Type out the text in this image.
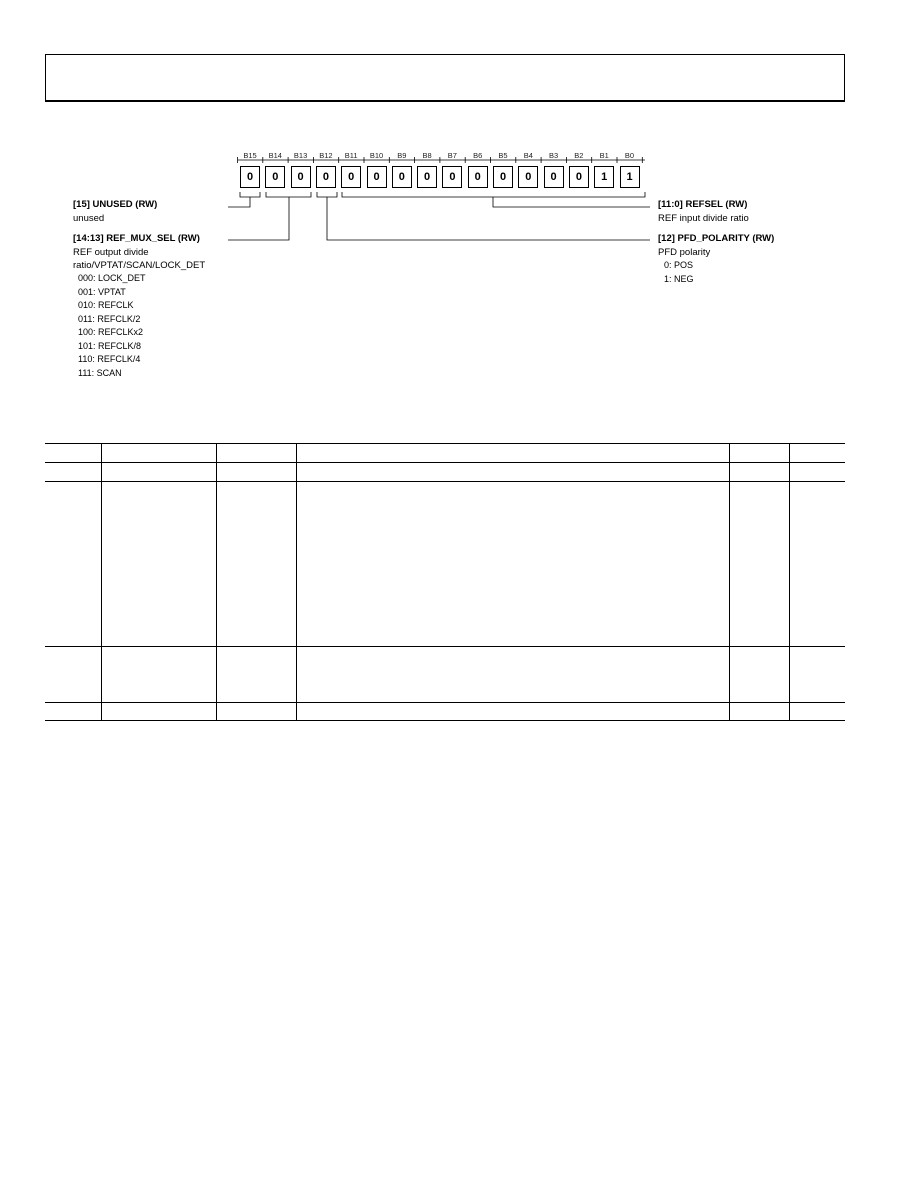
B15	B14	B13	B12	B11	B10	B9	B8	B7	B6	B5	B4	B3	B2	B1	B0
0	0	0	0	0	0	0	0	0	0	0	0	0	0	1	1
[15] UNUSED (RW)
unused
[14:13] REF_MUX_SEL (RW)
REF output divide
ratio/VPTAT/SCAN/LOCK_DET
000: LOCK_DET
001: VPTAT
010: REFCLK
011: REFCLK/2
100: REFCLKx2
101: REFCLK/8
110: REFCLK/4
111: SCAN
[11:0] REFSEL (RW)
REF input divide ratio
[12] PFD_POLARITY (RW)
PFD polarity
0: POS
1: NEG
